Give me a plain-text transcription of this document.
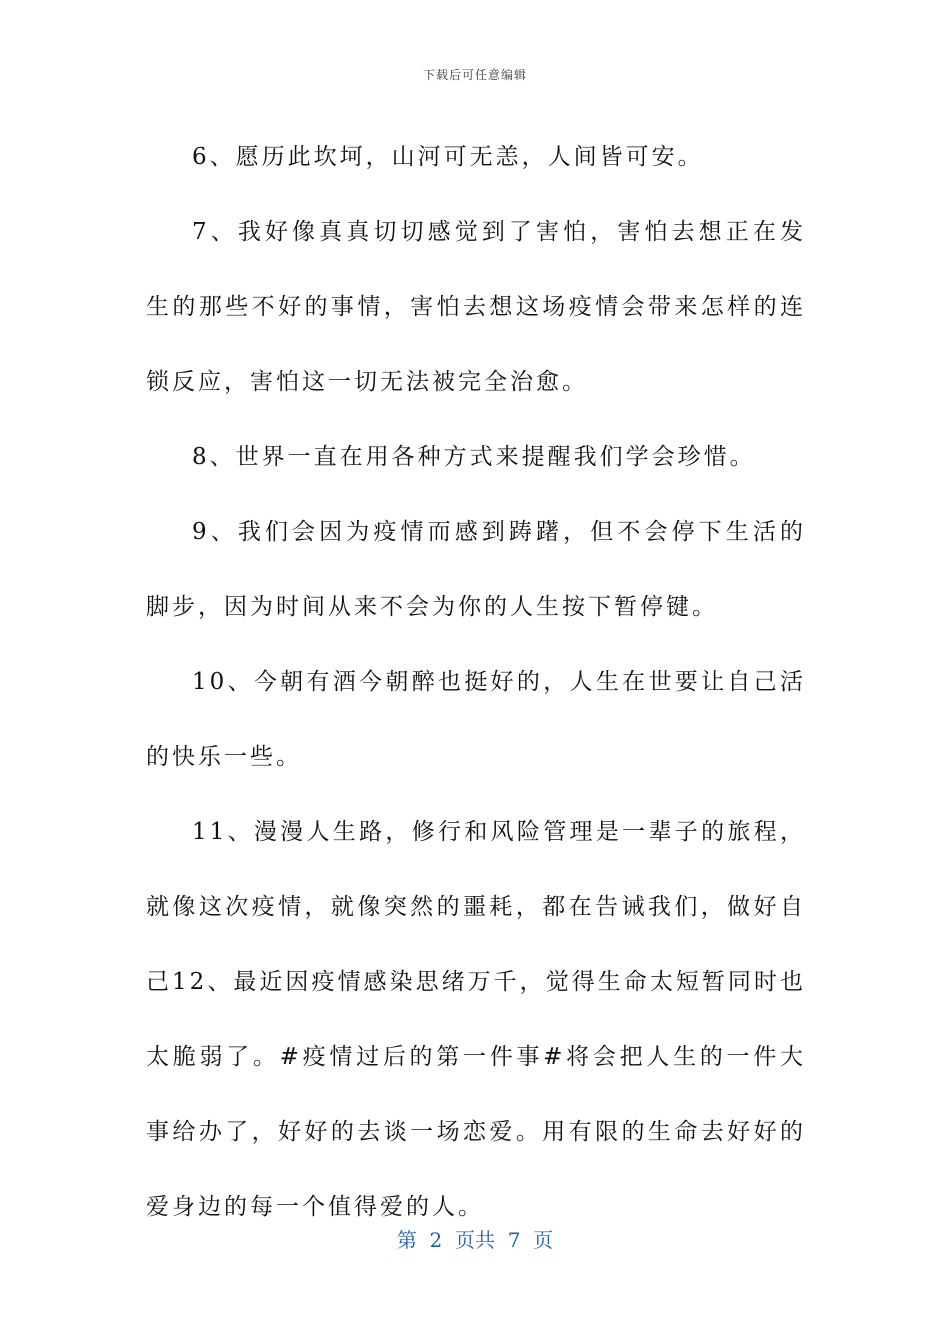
下载后可任意编辑

6、愿历此坎坷，山河可无恙，人间皆可安。

7、我好像真真切切感觉到了害怕，害怕去想正在发生的那些不好的事情，害怕去想这场疫情会带来怎样的连锁反应，害怕这一切无法被完全治愈。

8、世界一直在用各种方式来提醒我们学会珍惜。

9、我们会因为疫情而感到踌躇，但不会停下生活的脚步，因为时间从来不会为你的人生按下暂停键。

10、今朝有酒今朝醉也挺好的，人生在世要让自己活的快乐一些。

11、漫漫人生路，修行和风险管理是一辈子的旅程，就像这次疫情，就像突然的噩耗，都在告诫我们，做好自己12、最近因疫情感染思绪万千，觉得生命太短暂同时也太脆弱了。#疫情过后的第一件事#将会把人生的一件大事给办了，好好的去谈一场恋爱。用有限的生命去好好的爱身边的每一个值得爱的人。

第  2  页共  7  页
